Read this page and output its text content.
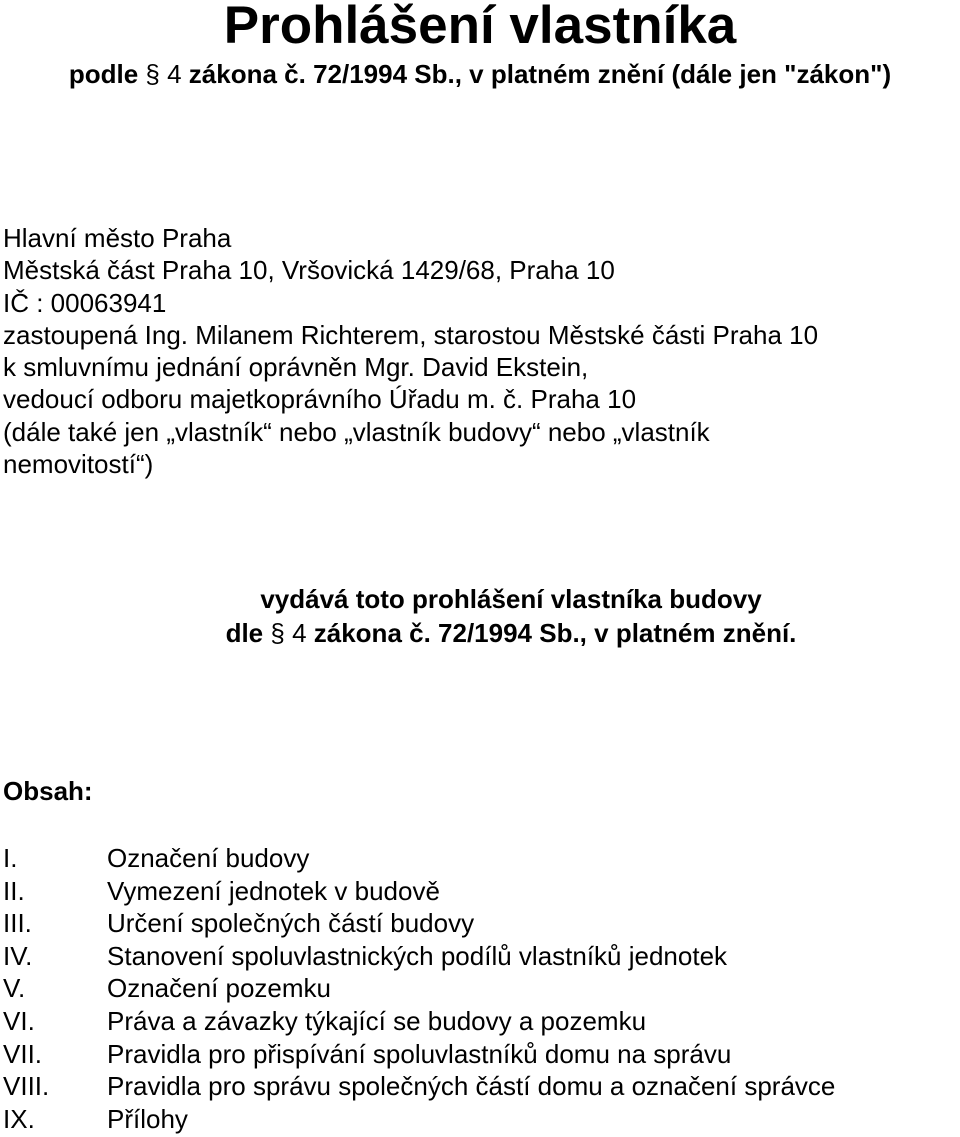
Prohlášení vlastníka
podle § 4 zákona č. 72/1994 Sb., v platném znění (dále jen "zákon")
Hlavní město Praha
Městská část Praha 10, Vršovická 1429/68, Praha 10
IČ : 00063941
zastoupená Ing. Milanem Richterem, starostou Městské části Praha 10
k smluvnímu jednání oprávněn Mgr. David Ekstein,
vedoucí odboru majetkoprávního Úřadu m. č. Praha 10
(dále také jen „vlastník“ nebo „vlastník budovy“ nebo „vlastník
nemovitostí“)
vydává toto prohlášení vlastníka budovy
dle § 4 zákona č. 72/1994 Sb., v platném znění.
Obsah:
I.	Označení budovy
II.	Vymezení jednotek v budově
III.	Určení společných částí budovy
IV.	Stanovení spoluvlastnických podílů vlastníků jednotek
V.	Označení pozemku
VI.	Práva a závazky týkající se budovy a pozemku
VII. Pravidla pro přispívání spoluvlastníků domu na správu
VIII. Pravidla pro správu společných částí domu a označení správce
IX.	Přílohy
